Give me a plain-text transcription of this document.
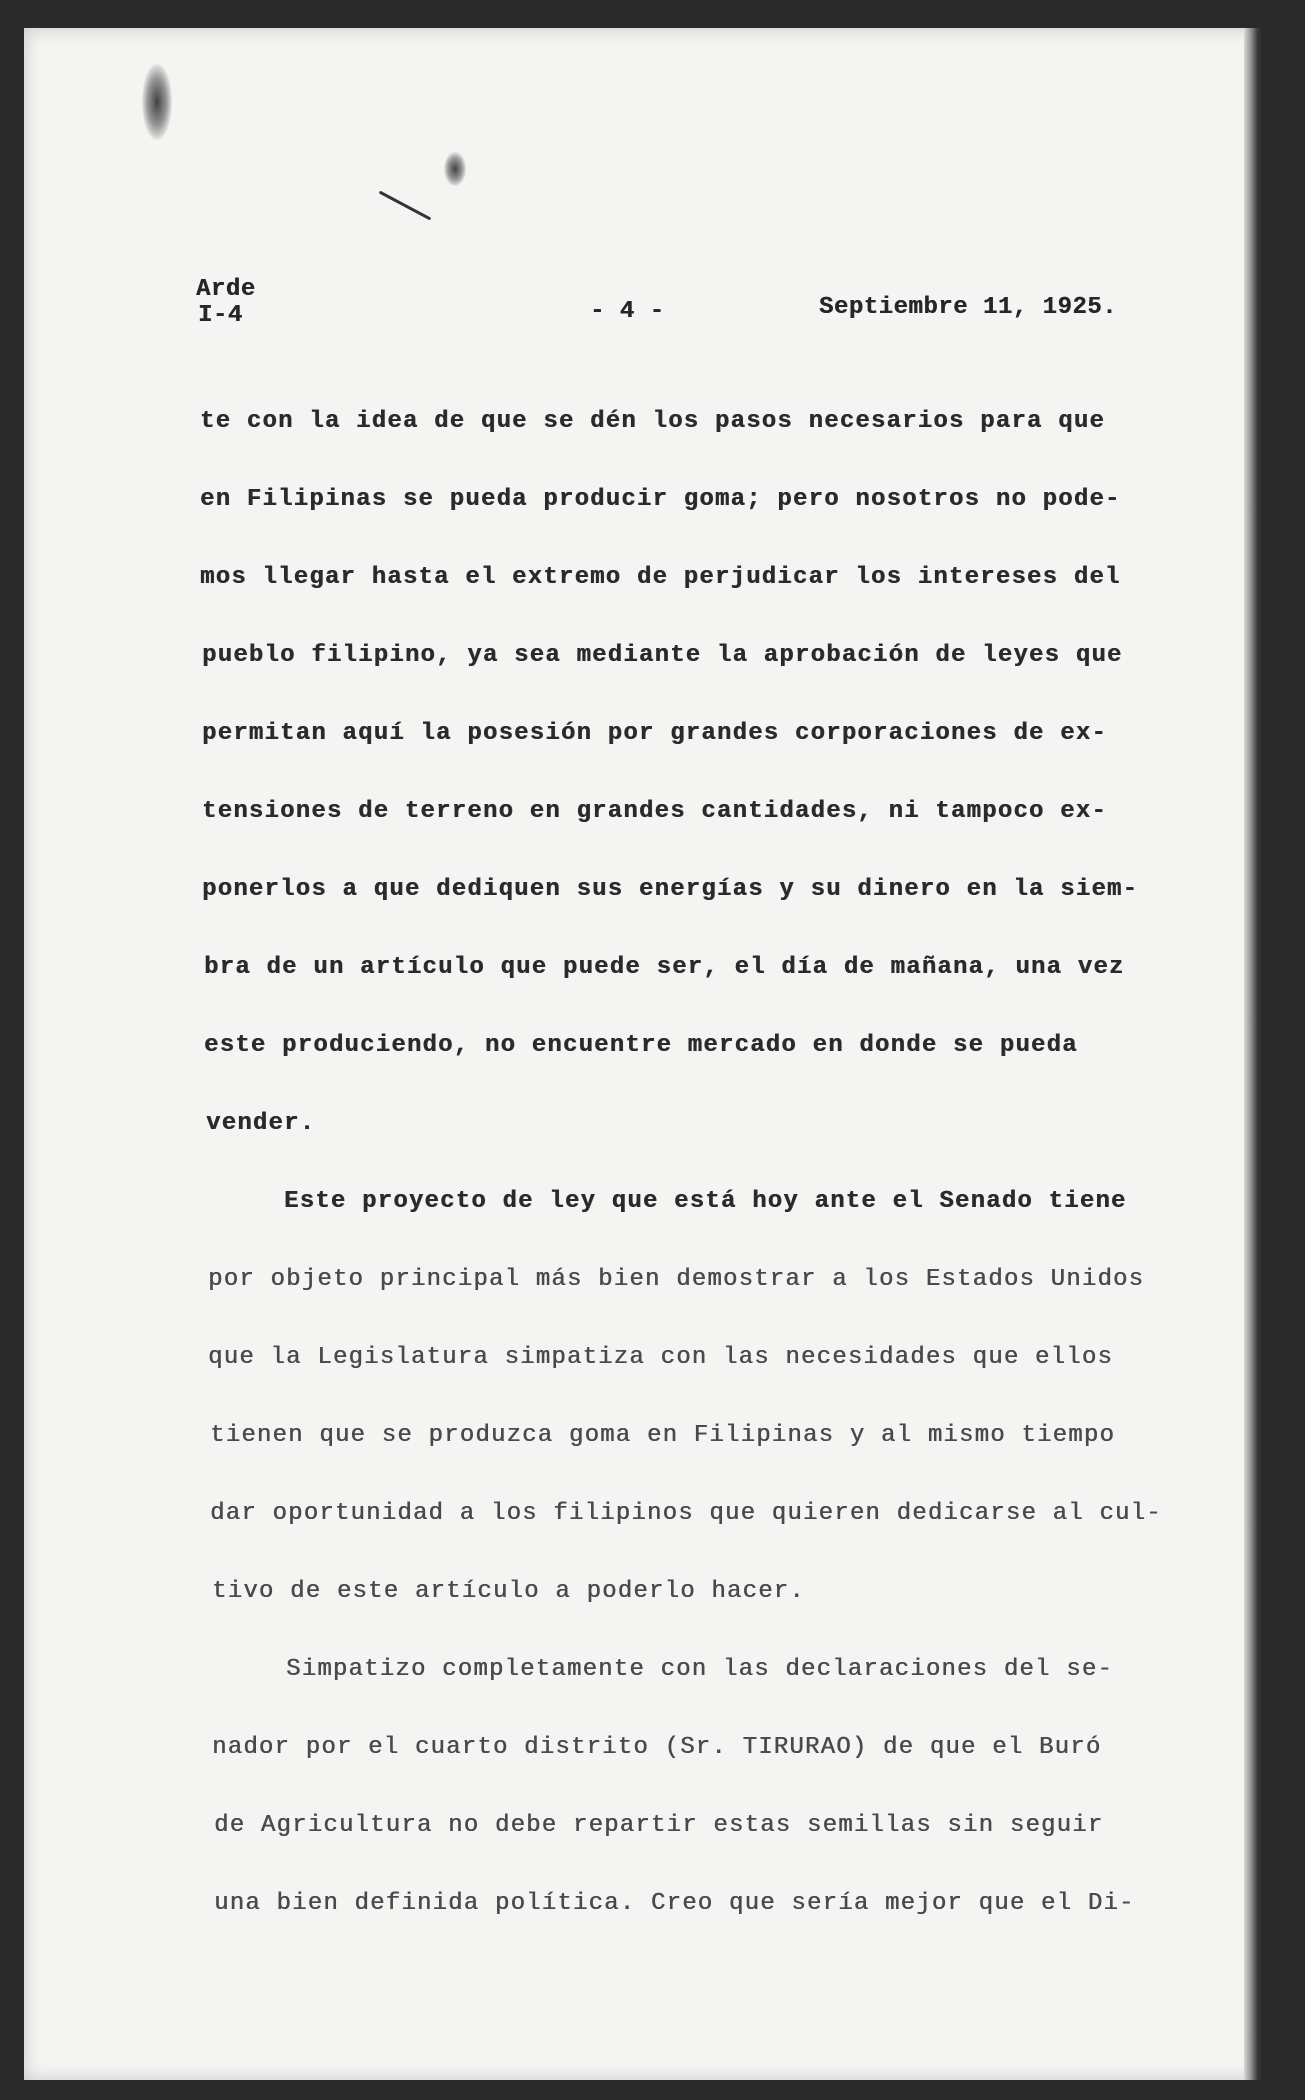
Arde
I-4	- 4 -	Septiembre 11, 1925.
te con la idea de que se dén los pasos necesarios para que
en Filipinas se pueda producir goma; pero nosotros no pode-
mos llegar hasta el extremo de perjudicar los intereses del
pueblo filipino, ya sea mediante la aprobación de leyes que
permitan aquí la posesión por grandes corporaciones de ex-
tensiones de terreno en grandes cantidades, ni tampoco ex-
ponerlos a que dediquen sus energías y su dinero en la siem-
bra de un artículo que puede ser, el día de mañana, una vez
este produciendo, no encuentre mercado en donde se pueda
vender.
Este proyecto de ley que está hoy ante el Senado tiene
por objeto principal más bien demostrar a los Estados Unidos
que la Legislatura simpatiza con las necesidades que ellos
tienen que se produzca goma en Filipinas y al mismo tiempo
dar oportunidad a los filipinos que quieren dedicarse al cul-
tivo de este artículo a poderlo hacer.
Simpatizo completamente con las declaraciones del se-
nador por el cuarto distrito (Sr. TIRURAO) de que el Buró
de Agricultura no debe repartir estas semillas sin seguir
una bien definida política. Creo que sería mejor que el Di-
